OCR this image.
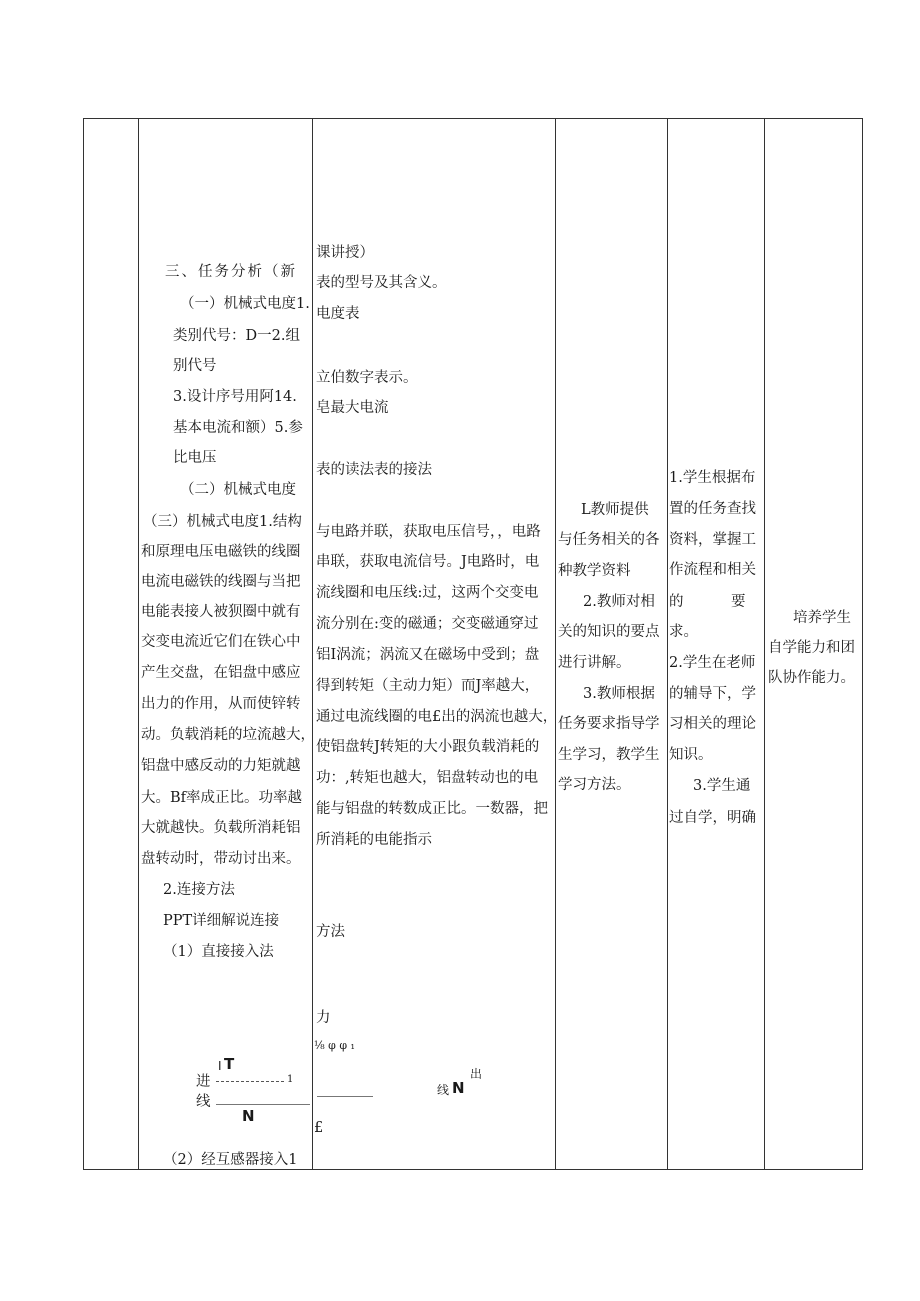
三、任务分析（新
（一）机械式电度1.
类别代号：D一2.组
别代号
3.设计序号用阿14.
基本电流和额）5.参
比电压
（二）机械式电度
（三）机械式电度1.结构
和原理电压电磁铁的线圈
电流电磁铁的线圈与当把
电能表接人被狈圈中就有
交变电流近它们在铁心中
产生交盘，在铝盘中感应
出力的作用，从而使锌转
动。负载消耗的垃流越大，
铝盘中感反动的力矩就越
大。Bf率成正比。功率越
大就越快。负载所消耗铝
盘转动时，带动讨出来。
2.连接方法
PPT详细解说连接
（1）直接接入法
I T
进	1
线
N
（2）经互感器接入1
课讲授）
表的型号及其含义。
电度表
立伯数字表示。
皂最大电流
表的读法表的接法
与电路并联，获取电压信号，，电路
串联，获取电流信号。J电路时，电
流线圈和电压线:过，这两个交变电
流分别在:变的磁通；交变磁通穿过
铝I涡流；涡流又在磁场中受到；盘
得到转矩（主动力矩）而J率越大，
通过电流线圈的电£出的涡流也越大，
使铝盘转J转矩的大小跟负载消耗的
功：,转矩也越大，铝盘转动也的电
能与铝盘的转数成正比。一数器，把
所消耗的电能指示
方法
力
⅛ φ φ ₁
出
线 N
£
L教师提供
与任务相关的各
种教学资料
2.教师对相
关的知识的要点
进行讲解。
3.教师根据
任务要求指导学
生学习，教学生
学习方法。
1.学生根据布
置的任务查找
资料，掌握工
作流程和相关
的	要
求。
2.学生在老师
的辅导下，学
习相关的理论
知识。
3.学生通
过自学，明确
培养学生
自学能力和团
队协作能力。
